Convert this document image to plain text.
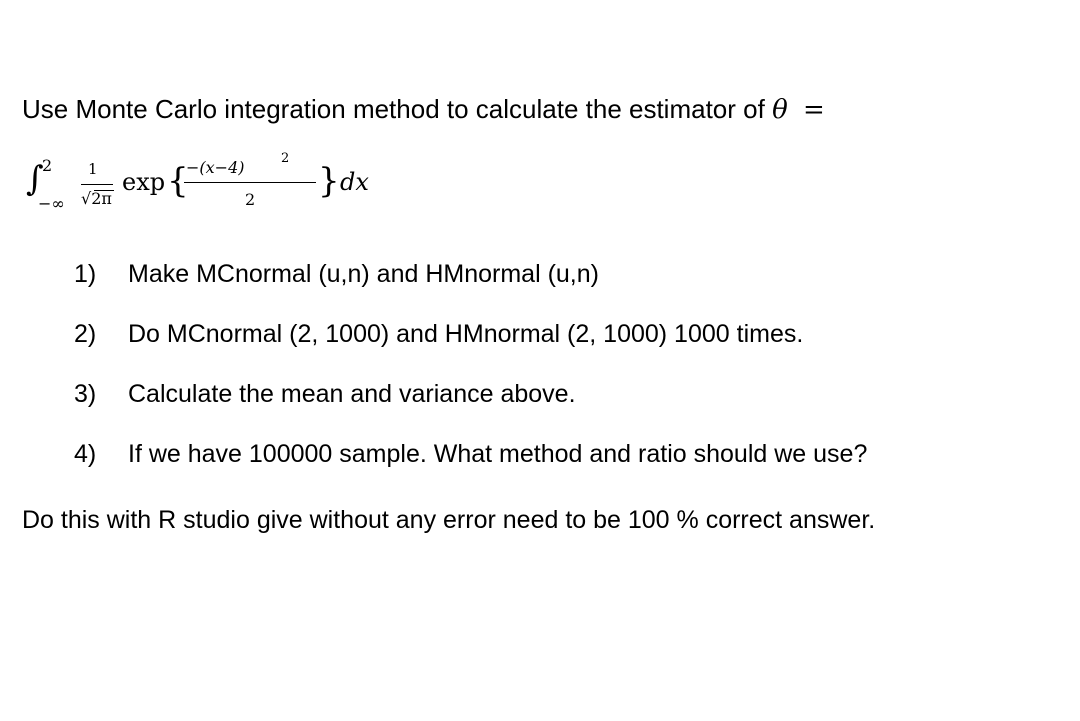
Use Monte Carlo integration method to calculate the estimator of θ =
∫
2
−∞
1
√2π
exp {
−(x−4)	2
2 } dx
1) Make MCnormal (u,n) and HMnormal (u,n)
2) Do MCnormal (2, 1000) and HMnormal (2, 1000) 1000 times.
3) Calculate the mean and variance above.
4) If we have 100000 sample. What method and ratio should we use?
Do this with R studio give without any error need to be 100 % correct answer.
